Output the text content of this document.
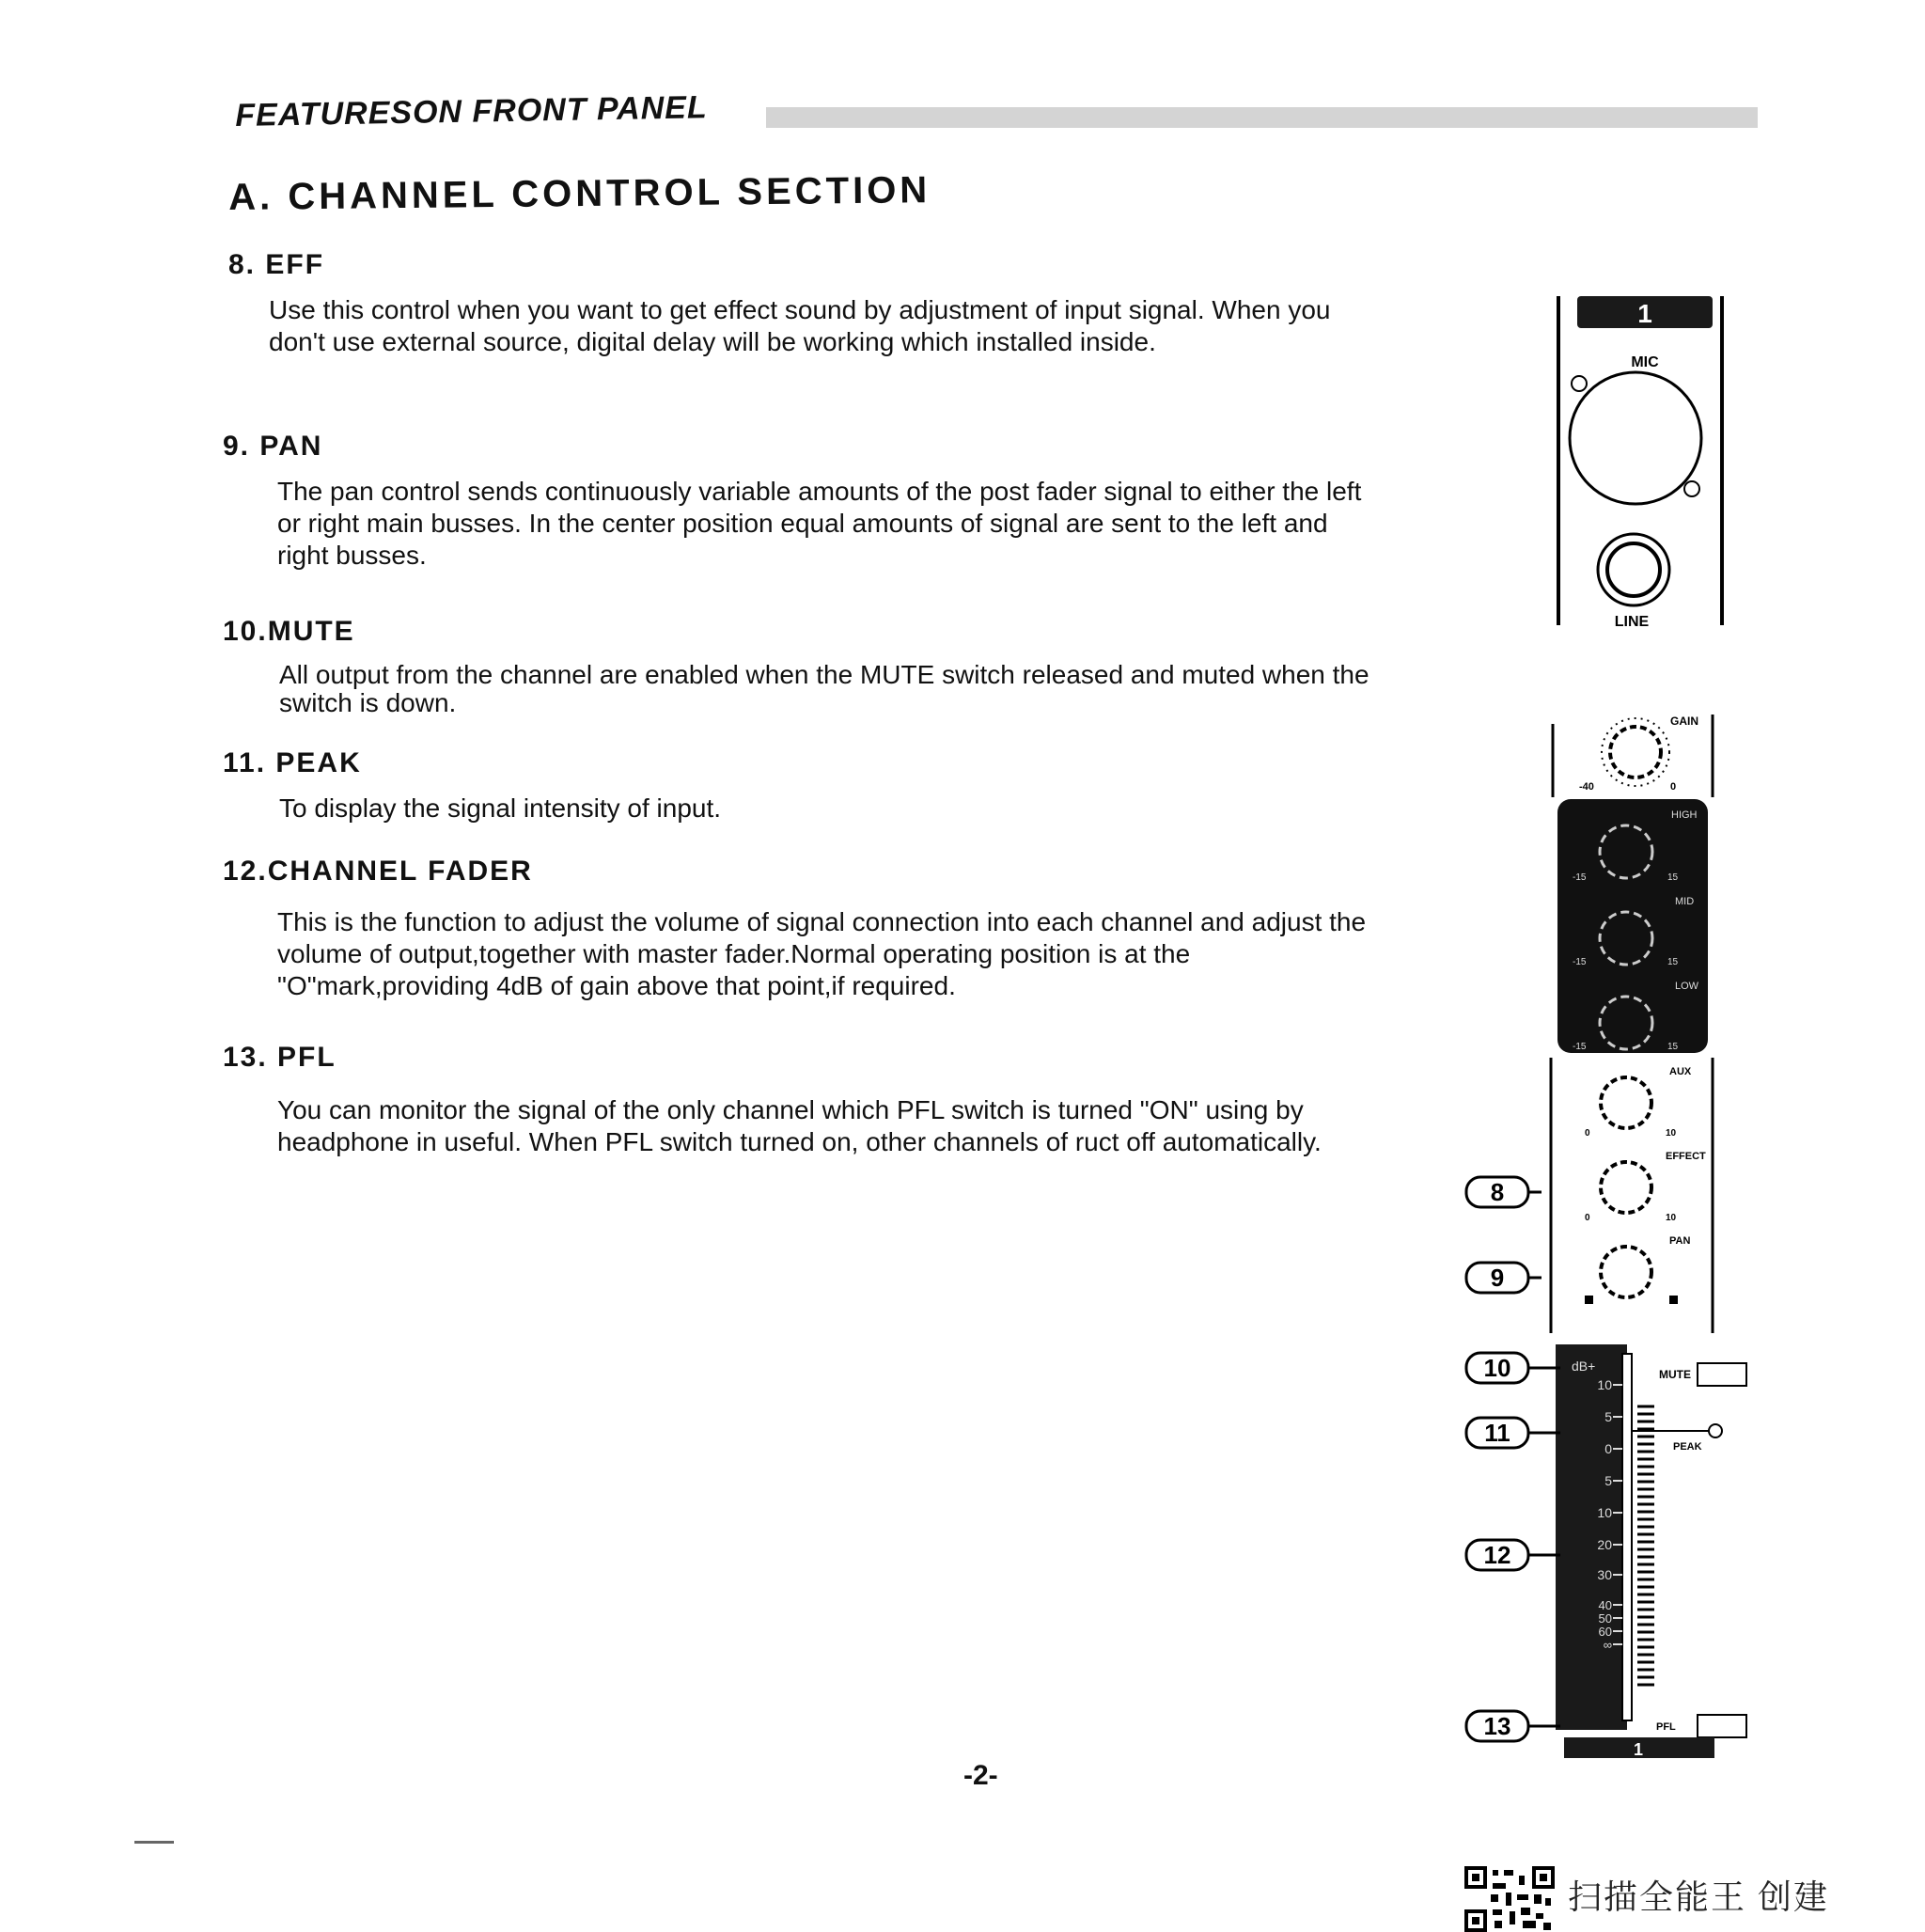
FEATURESON FRONT PANEL
A. CHANNEL CONTROL SECTION

8. EFF

Use this control when you want to get effect sound by adjustment of input signal. When you don't use external source, digital delay will be working which installed inside.

9. PAN

The pan control sends continuously variable amounts of the post fader signal to either the left or right main busses. In the center position equal amounts of signal are sent to the left and right busses.

10.MUTE

All output from the channel are enabled when the MUTE switch released and muted when the switch is down.

11. PEAK

To display the signal intensity of input.

12.CHANNEL FADER

This is the function to adjust the volume of signal connection into each channel and adjust the volume of output,together with master fader.Normal operating position is at the "O"mark,providing 4dB of gain above that point,if required.

13. PFL

You can monitor the signal of the only channel which PFL switch is turned "ON" using by headphone in useful. When PFL switch turned on, other channels of ruct off automatically.

1
MIC
LINE
GAIN
-40	0
HIGH
MID
LOW
-15	15
-15	15
-15	15
AUX
EFFECT
PAN
0	10
0	10
dB+
10
5
0
5
10
20
30
40
50
60
∞
MUTE
PEAK
PFL
1
8
9
10
11
12
13
-2-
扫描全能王 创建
